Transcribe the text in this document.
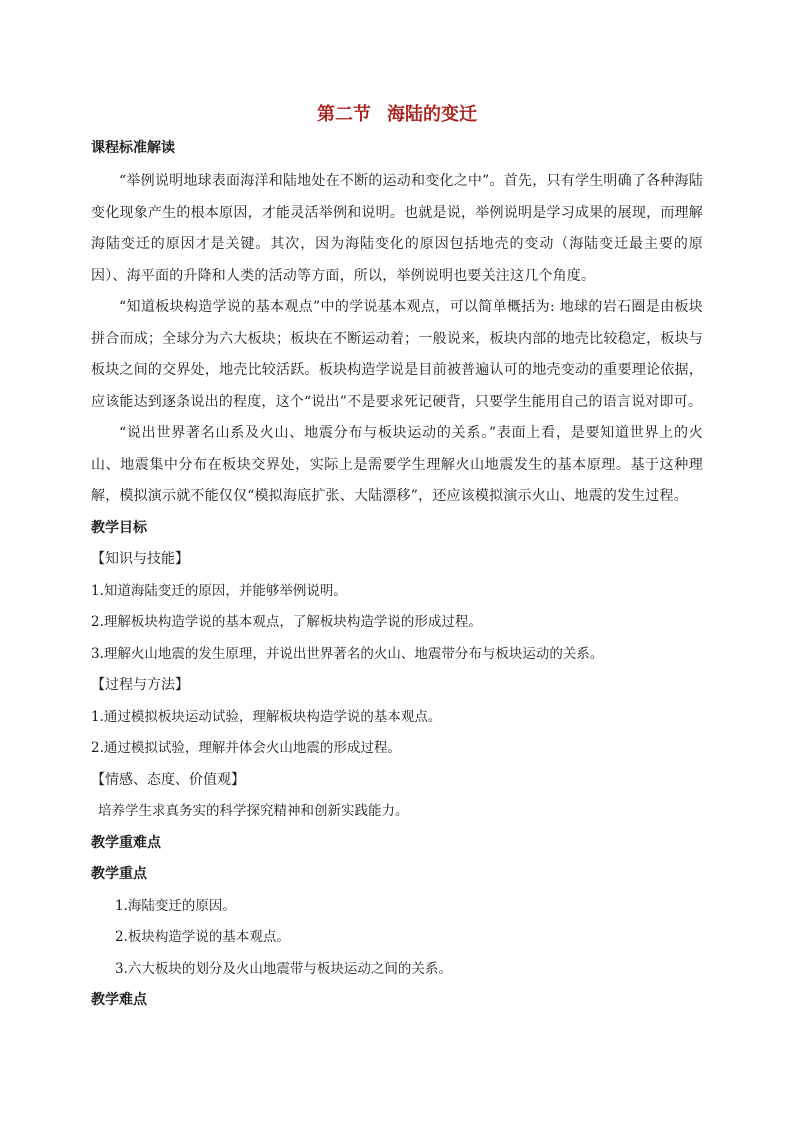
第二节 海陆的变迁
课程标准解读

“举例说明地球表面海洋和陆地处在不断的运动和变化之中”。首先，只有学生明确了各种海陆变化现象产生的根本原因，才能灵活举例和说明。也就是说，举例说明是学习成果的展现，而理解海陆变迁的原因才是关键。其次，因为海陆变化的原因包括地壳的变动（海陆变迁最主要的原因）、海平面的升降和人类的活动等方面，所以，举例说明也要关注这几个角度。

“知道板块构造学说的基本观点”中的学说基本观点，可以简单概括为: 地球的岩石圈是由板块拼合而成；全球分为六大板块；板块在不断运动着；一般说来，板块内部的地壳比较稳定，板块与板块之间的交界处，地壳比较活跃。板块构造学说是目前被普遍认可的地壳变动的重要理论依据，应该能达到逐条说出的程度，这个“说出”不是要求死记硬背，只要学生能用自己的语言说对即可。

“说出世界著名山系及火山、地震分布与板块运动的关系。”表面上看，是要知道世界上的火山、地震集中分布在板块交界处，实际上是需要学生理解火山地震发生的基本原理。基于这种理解，模拟演示就不能仅仅“模拟海底扩张、大陆漂移”，还应该模拟演示火山、地震的发生过程。

教学目标
【知识与技能】
1.知道海陆变迁的原因，并能够举例说明。
2.理解板块构造学说的基本观点，了解板块构造学说的形成过程。
3.理解火山地震的发生原理，并说出世界著名的火山、地震带分布与板块运动的关系。
【过程与方法】
1.通过模拟板块运动试验，理解板块构造学说的基本观点。
2.通过模拟试验，理解并体会火山地震的形成过程。
【情感、态度、价值观】
培养学生求真务实的科学探究精神和创新实践能力。
教学重难点
教学重点
1.海陆变迁的原因。
2.板块构造学说的基本观点。
3.六大板块的划分及火山地震带与板块运动之间的关系。
教学难点
